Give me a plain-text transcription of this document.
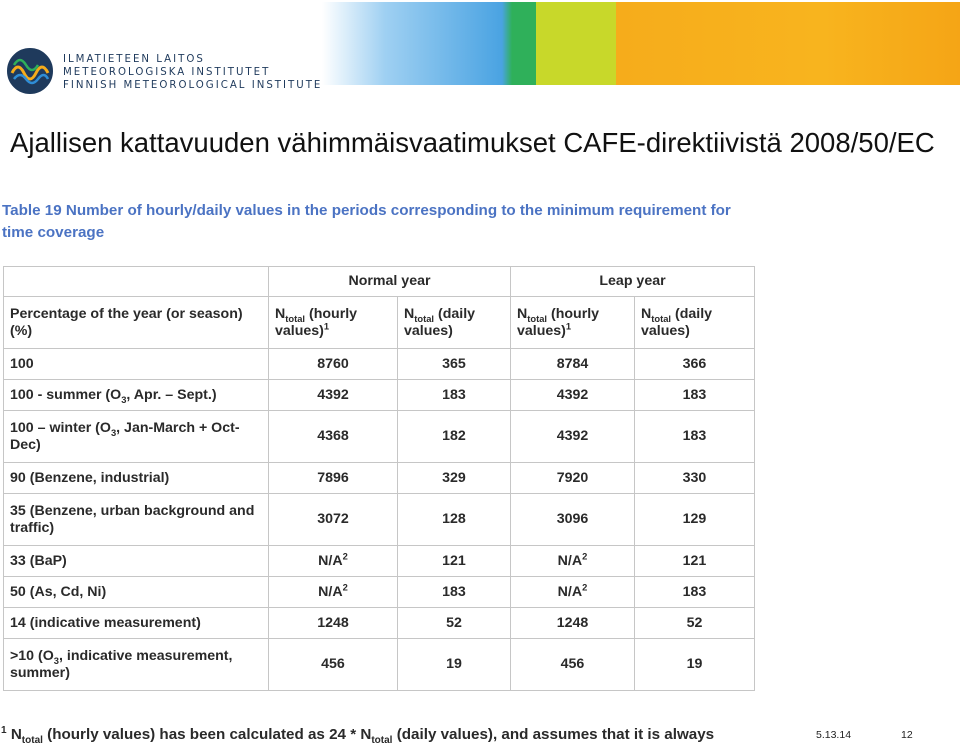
ILMATIETEEN LAITOS
METEOROLOGISKA INSTITUTET
FINNISH METEOROLOGICAL INSTITUTE
Ajallisen kattavuuden vähimmäisvaatimukset CAFE-direktiivistä 2008/50/EC
Table 19 Number of hourly/daily values in the periods corresponding to the minimum requirement for time coverage
	Normal year		Leap year	
Percentage of the year (or season) (%)	$N_{total}$ (hourly values)$^1$	$N_{total}$ (daily values)	$N_{total}$ (hourly values)$^1$	$N_{total}$ (daily values)
100	8760	365	8784	366
100 - summer ($O_3$, Apr. – Sept.)	4392	183	4392	183
100 – winter ($O_3$, Jan-March + Oct-Dec)	4368	182	4392	183
90 (Benzene, industrial)	7896	329	7920	330
35 (Benzene, urban background and traffic)	3072	128	3096	129
33 (BaP)	$N/A^2$	121	$N/A^2$	121
50 (As, Cd, Ni)	$N/A^2$	183	$N/A^2$	183
14 (indicative measurement)	1248	52	1248	52
>10 ($O_3$, indicative measurement, summer)	456	19	456	19
$^1$ $N_{total}$ (hourly values) has been calculated as $24 * N_{total}$ (daily values), and assumes that it is always	5.13.14	12
